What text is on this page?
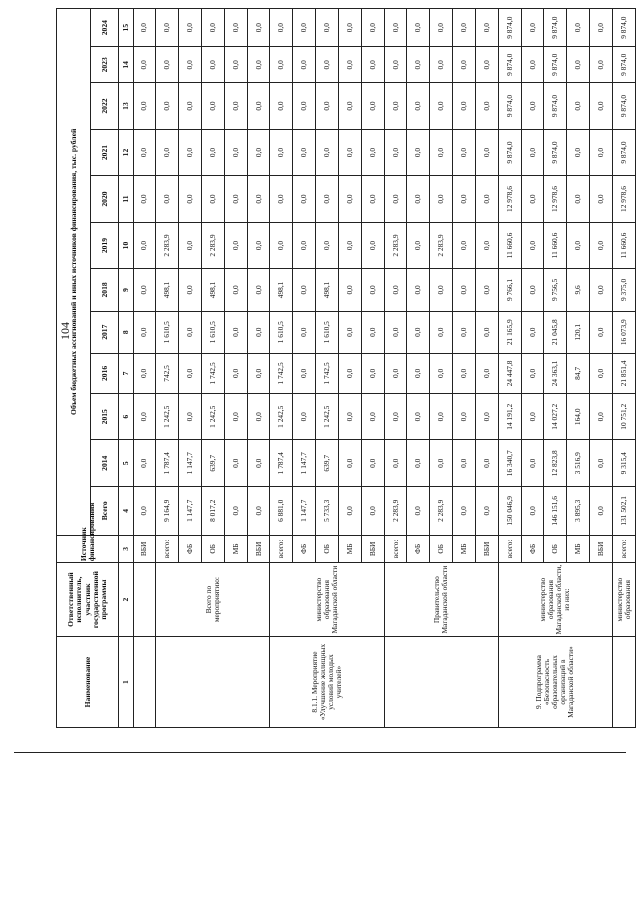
104
Наименование	Ответственный исполнитель, участник государственной программы	Источник финансирования	Объем бюджетных ассигнований и иных источников финансирования, тыс. рублей											
			Всего	2014	2015	2016	2017	2018	2019	2020	2021	2022	2023	2024
1	2	3	4	5	6	7	8	9	10	11	12	13	14	15
		ВБИ	0,0	0,0	0,0	0,0	0,0	0,0	0,0	0,0	0,0	0,0	0,0	0,0
	Всего по мероприятию:	всего:	9 164,9	1 787,4	1 242,5	742,5	1 610,5	498,1	2 283,9	0,0	0,0	0,0	0,0	0,0
		ФБ	1 147,7	1 147,7	0,0	0,0	0,0	0,0	0,0	0,0	0,0	0,0	0,0	0,0
		ОБ	8 017,2	639,7	1 242,5	1 742,5	1 610,5	498,1	2 283,9	0,0	0,0	0,0	0,0	0,0
		МБ	0,0	0,0	0,0	0,0	0,0	0,0	0,0	0,0	0,0	0,0	0,0	0,0
		ВБИ	0,0	0,0	0,0	0,0	0,0	0,0	0,0	0,0	0,0	0,0	0,0	0,0
8.1.1. Мероприятие «Улучшение жилищных условий молодых учителей»	министерство образования Магаданской области	всего:	6 881,0	1 787,4	1 242,5	1 742,5	1 610,5	498,1	0,0	0,0	0,0	0,0	0,0	0,0
		ФБ	1 147,7	1 147,7	0,0	0,0	0,0	0,0	0,0	0,0	0,0	0,0	0,0	0,0
		ОБ	5 733,3	639,7	1 242,5	1 742,5	1 610,5	498,1	0,0	0,0	0,0	0,0	0,0	0,0
		МБ	0,0	0,0	0,0	0,0	0,0	0,0	0,0	0,0	0,0	0,0	0,0	0,0
		ВБИ	0,0	0,0	0,0	0,0	0,0	0,0	0,0	0,0	0,0	0,0	0,0	0,0
	Правительство Магаданской области	всего:	2 283,9	0,0	0,0	0,0	0,0	0,0	2 283,9	0,0	0,0	0,0	0,0	0,0
		ФБ	0,0	0,0	0,0	0,0	0,0	0,0	0,0	0,0	0,0	0,0	0,0	0,0
		ОБ	2 283,9	0,0	0,0	0,0	0,0	0,0	2 283,9	0,0	0,0	0,0	0,0	0,0
		МБ	0,0	0,0	0,0	0,0	0,0	0,0	0,0	0,0	0,0	0,0	0,0	0,0
		ВБИ	0,0	0,0	0,0	0,0	0,0	0,0	0,0	0,0	0,0	0,0	0,0	0,0
9. Подпрограмма «Безопасность образовательных организаций в Магаданской области»	министерство образования Магаданской области, из них:	всего:	150 046,9	16 340,7	14 191,2	24 447,8	21 165,9	9 766,1	11 660,6	12 978,6	9 874,0	9 874,0	9 874,0	9 874,0
		ФБ	0,0	0,0	0,0	0,0	0,0	0,0	0,0	0,0	0,0	0,0	0,0	0,0
		ОБ	146 151,6	12 823,8	14 027,2	24 363,1	21 045,8	9 756,5	11 660,6	12 978,6	9 874,0	9 874,0	9 874,0	9 874,0
		МБ	3 895,3	3 516,9	164,0	84,7	120,1	9,6	0,0	0,0	0,0	0,0	0,0	0,0
		ВБИ	0,0	0,0	0,0	0,0	0,0	0,0	0,0	0,0	0,0	0,0	0,0	0,0
	министерство образования	всего:	131 502,1	9 315,4	10 751,2	21 851,4	16 073,9	9 375,0	11 660,6	12 978,6	9 874,0	9 874,0	9 874,0	9 874,0
